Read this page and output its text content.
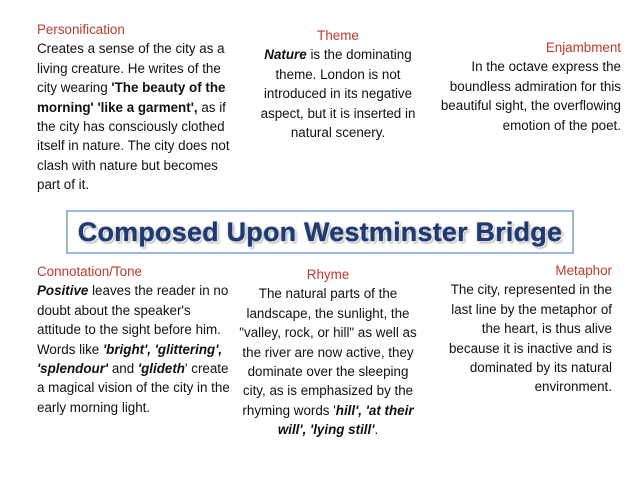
Personification
Creates a sense of the city as a living creature. He writes of the city wearing 'The beauty of the morning' 'like a garment', as if the city has consciously clothed itself in nature. The city does not clash with nature but becomes part of it.
Theme
Nature is the dominating theme. London is not introduced in its negative aspect, but it is inserted in natural scenery.
Enjambment
In the octave express the boundless admiration for this beautiful sight, the overflowing emotion of the poet.
Composed Upon Westminster Bridge
Connotation/Tone
Positive leaves the reader in no doubt about the speaker's attitude to the sight before him. Words like 'bright', 'glittering', 'splendour' and 'glideth' create a magical vision of the city in the early morning light.
Rhyme
The natural parts of the landscape, the sunlight, the "valley, rock, or hill" as well as the river are now active, they dominate over the sleeping city, as is emphasized by the rhyming words 'hill', 'at their will', 'lying still'.
Metaphor
The city, represented in the last line by the metaphor of the heart, is thus alive because it is inactive and is dominated by its natural environment.
